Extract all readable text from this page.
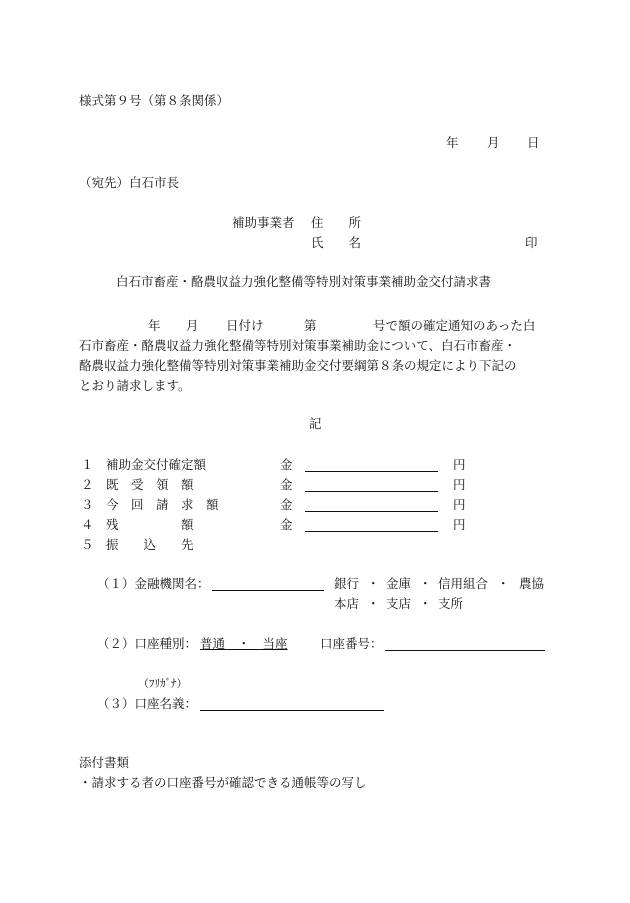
様式第９号（第８条関係）
年 月 日
（宛先）白石市長
補助事業者 住　　所
氏　　名	印
白石市畜産・酪農収益力強化整備等特別対策事業補助金交付請求書
年 月 日付け	第	号で額の確定通知のあった白
石市畜産・酪農収益力強化整備等特別対策事業補助金について、白石市畜産・
酪農収益力強化整備等特別対策事業補助金交付要綱第８条の規定により下記の
とおり請求します。
記
１ 補助金交付確定額	金	円
２ 既　受　領　額	金	円
３ 今　回　請　求　額	金	円
４ 残　　　　　額	金	円
５ 振　　込　　先
（１）金融機関名：	銀行 ・ 金庫 ・ 信用組合 ・ 農協
本店 ・ 支店 ・ 支所
（２）口座種別： 普通　・　当座	口座番号：
（ﾌﾘｶﾞﾅ）
（３）口座名義：
添付書類
・請求する者の口座番号が確認できる通帳等の写し
